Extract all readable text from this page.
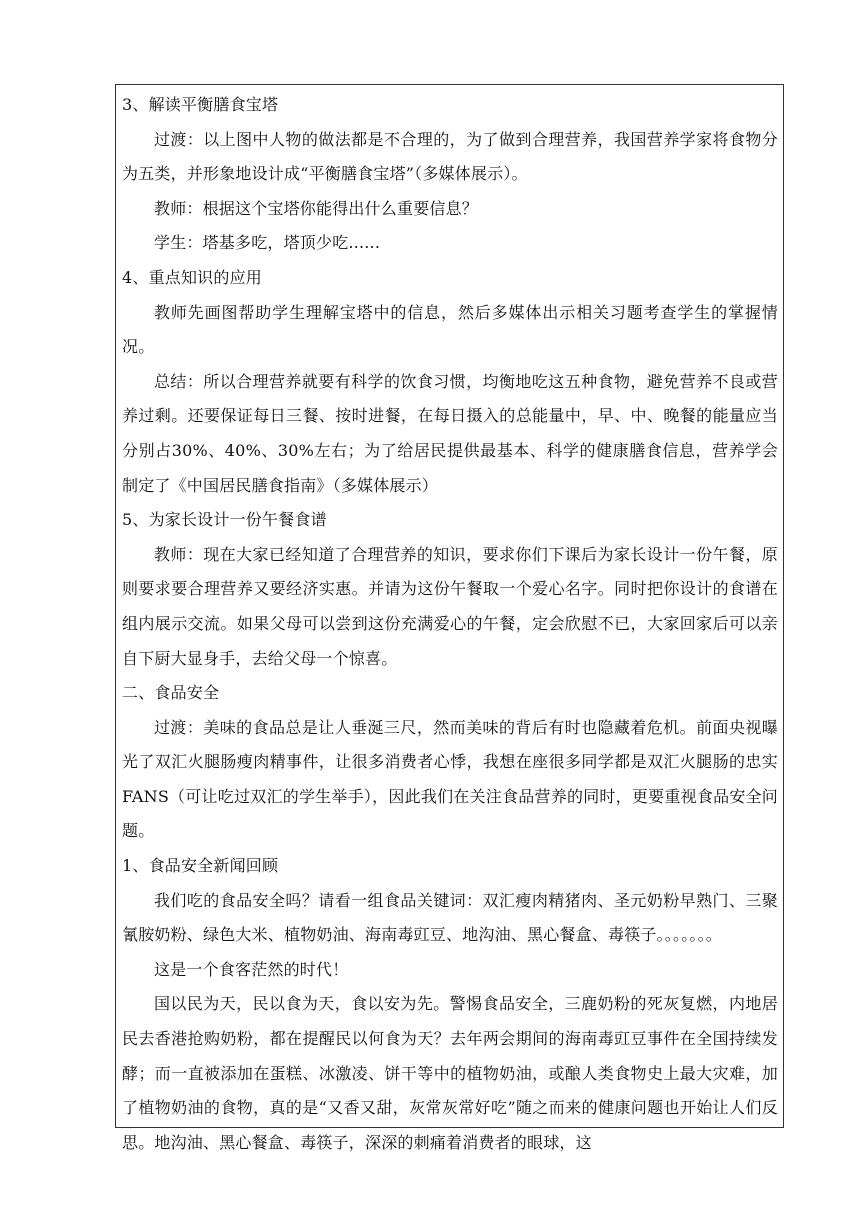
3、解读平衡膳食宝塔

过渡：以上图中人物的做法都是不合理的，为了做到合理营养，我国营养学家将食物分为五类，并形象地设计成“平衡膳食宝塔”（多媒体展示）。

教师：根据这个宝塔你能得出什么重要信息？

学生：塔基多吃，塔顶少吃......

4、重点知识的应用

教师先画图帮助学生理解宝塔中的信息，然后多媒体出示相关习题考查学生的掌握情况。

总结：所以合理营养就要有科学的饮食习惯，均衡地吃这五种食物，避免营养不良或营养过剩。还要保证每日三餐、按时进餐，在每日摄入的总能量中，早、中、晚餐的能量应当分别占30%、40%、30%左右；为了给居民提供最基本、科学的健康膳食信息，营养学会制定了《中国居民膳食指南》（多媒体展示）

5、为家长设计一份午餐食谱

教师：现在大家已经知道了合理营养的知识，要求你们下课后为家长设计一份午餐，原则要求要合理营养又要经济实惠。并请为这份午餐取一个爱心名字。同时把你设计的食谱在组内展示交流。如果父母可以尝到这份充满爱心的午餐，定会欣慰不已，大家回家后可以亲自下厨大显身手，去给父母一个惊喜。

二、食品安全

过渡：美味的食品总是让人垂涎三尺，然而美味的背后有时也隐藏着危机。前面央视曝光了双汇火腿肠瘦肉精事件，让很多消费者心悸，我想在座很多同学都是双汇火腿肠的忠实FANS（可让吃过双汇的学生举手），因此我们在关注食品营养的同时，更要重视食品安全问题。

1、食品安全新闻回顾

我们吃的食品安全吗？请看一组食品关键词：双汇瘦肉精猪肉、圣元奶粉早熟门、三聚氰胺奶粉、绿色大米、植物奶油、海南毒豇豆、地沟油、黑心餐盒、毒筷子。。。。。。。

这是一个食客茫然的时代！

国以民为天，民以食为天，食以安为先。警惕食品安全，三鹿奶粉的死灰复燃，内地居民去香港抢购奶粉，都在提醒民以何食为天？去年两会期间的海南毒豇豆事件在全国持续发酵；而一直被添加在蛋糕、冰激凌、饼干等中的植物奶油，或酿人类食物史上最大灾难，加了植物奶油的食物，真的是“又香又甜，灰常灰常好吃”随之而来的健康问题也开始让人们反思。地沟油、黑心餐盒、毒筷子，深深的刺痛着消费者的眼球，这
